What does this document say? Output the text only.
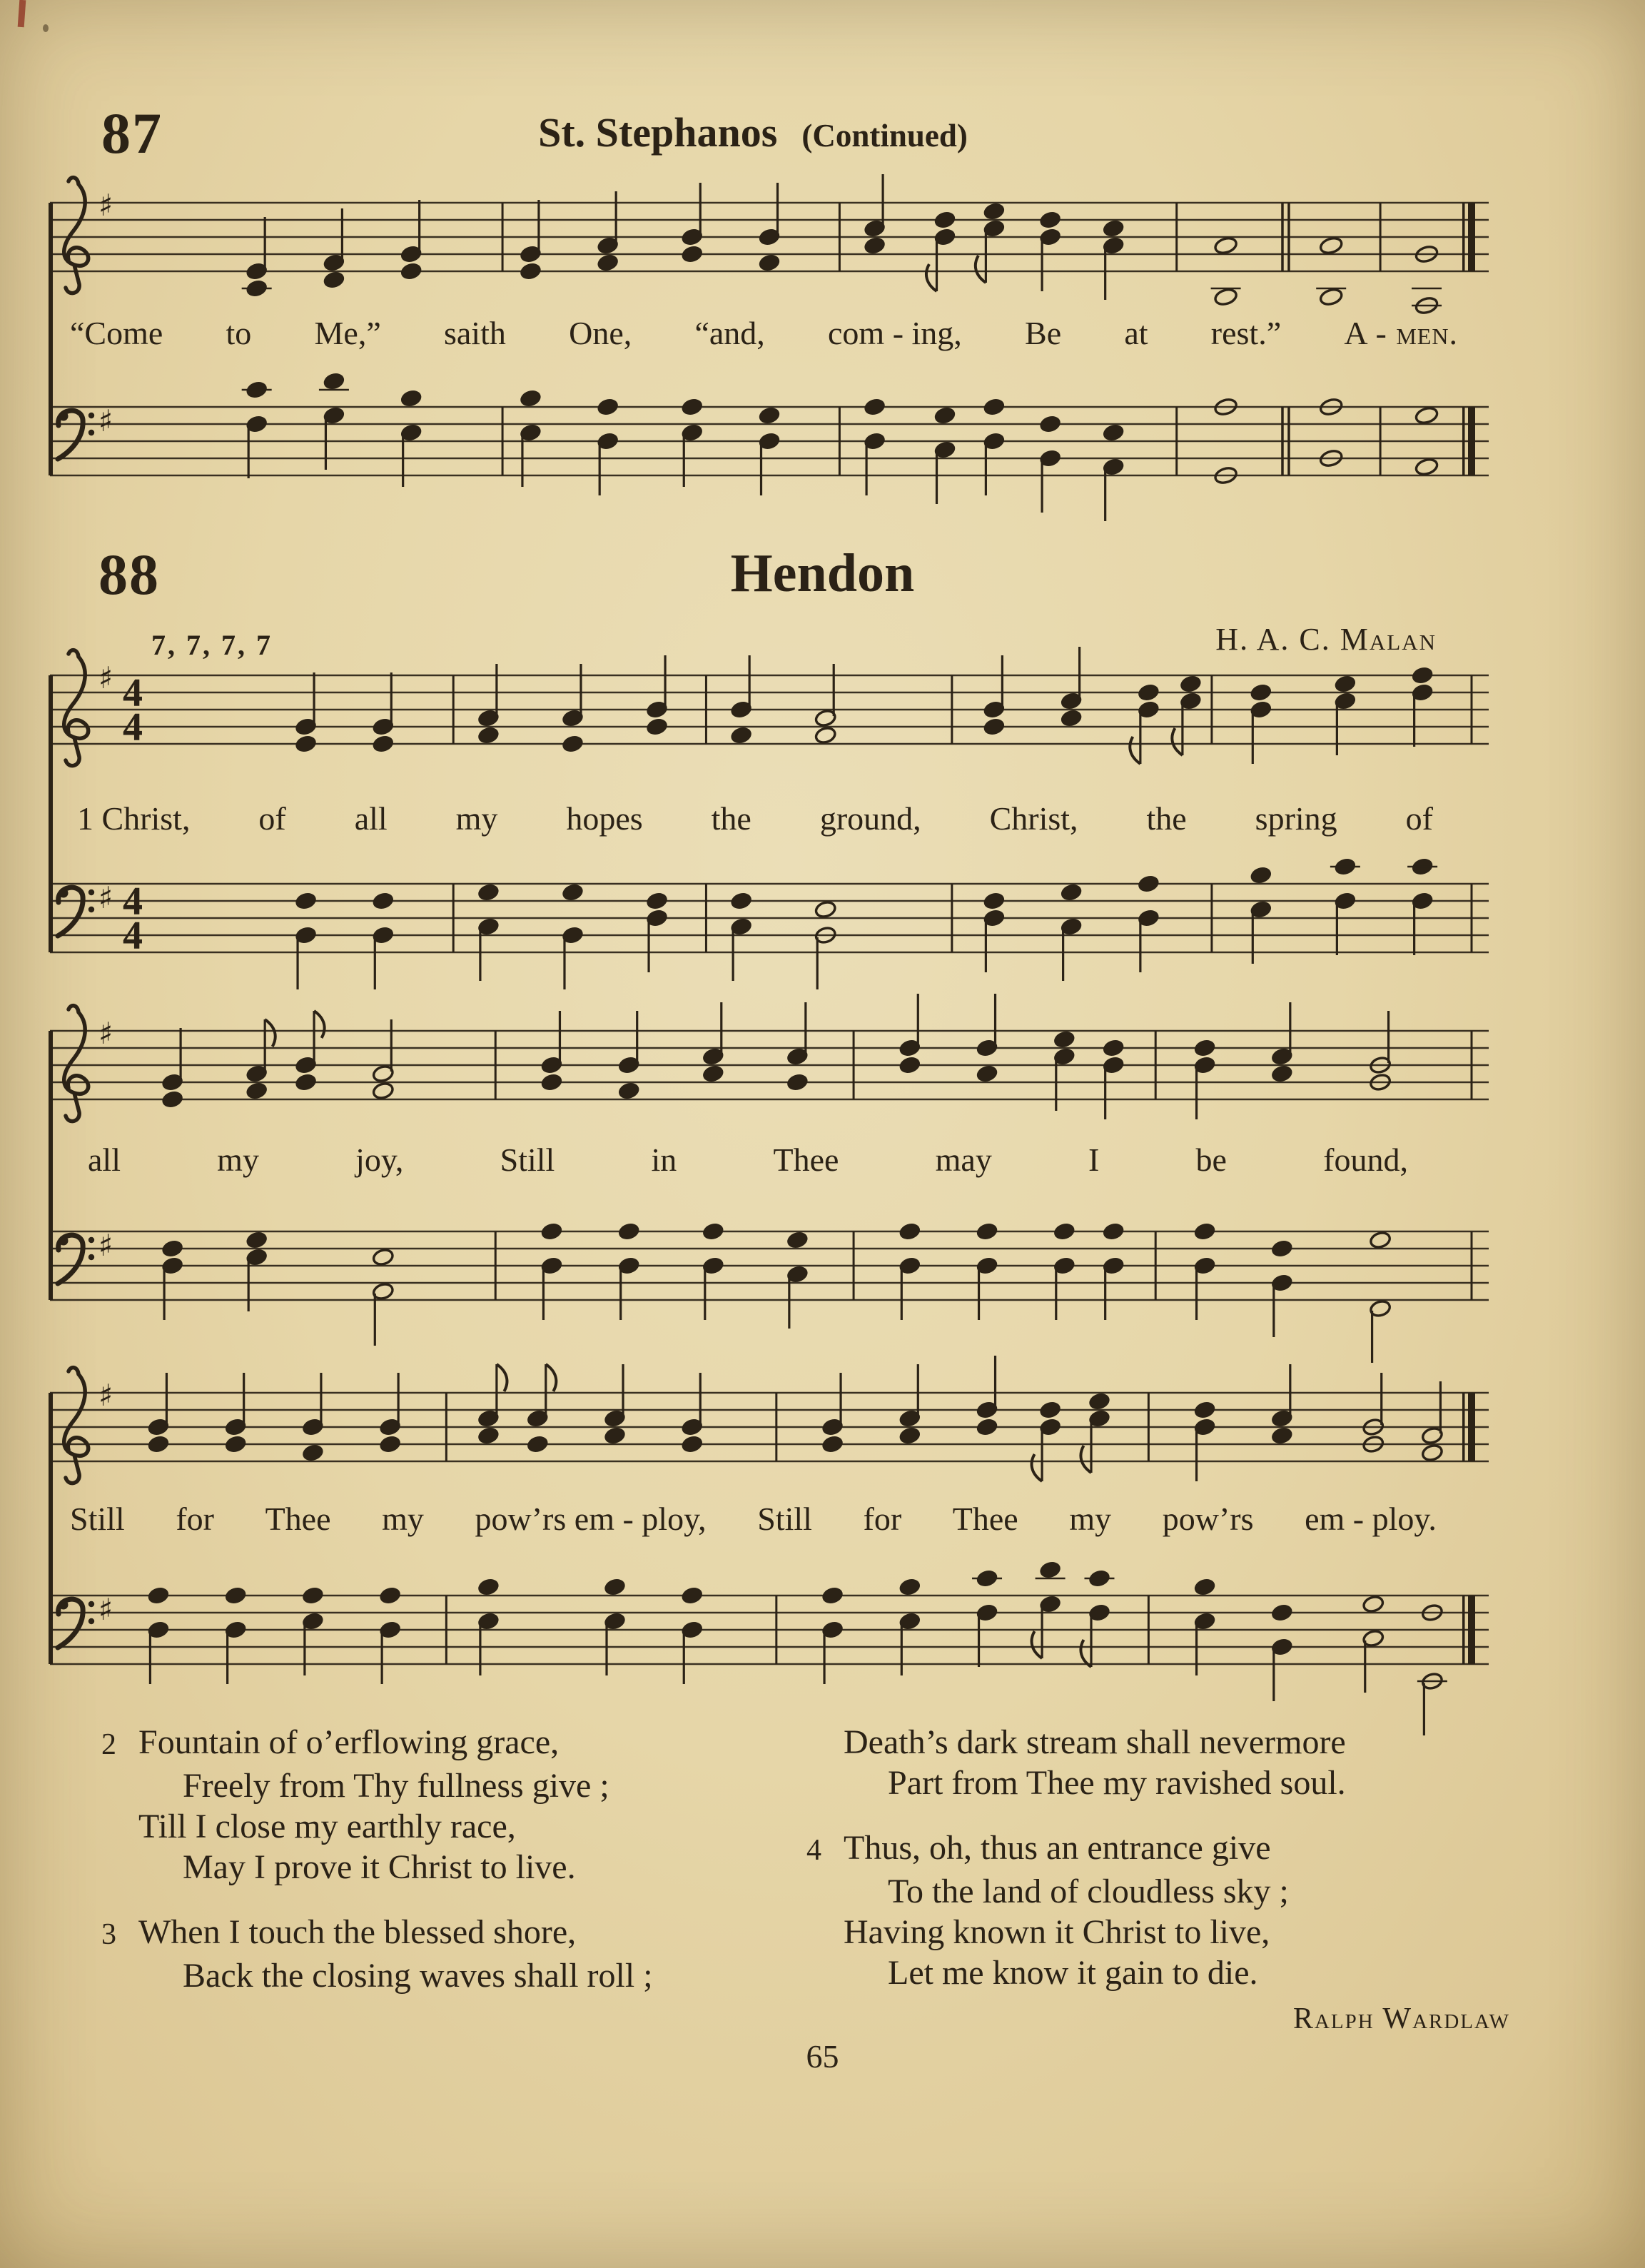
87	St. Stephanos (Continued)
♯
“Come to Me,” saith One, “and, com - ing, Be at rest.” A - men.
♯
88	Hendon
7, 7, 7, 7	H. A. C. Malan
♯ 4
4
1 Christ, of all my hopes the ground, Christ, the spring of
♯ 4
4
♯
all	my	joy,	Still	in	Thee	may	I	be	found,
♯
♯
Still for Thee my pow’rs em - ploy, Still for Thee my pow’rs em - ploy.
♯
2 Fountain of o’erflowing grace,
Freely from Thy fullness give ;
Till I close my earthly race,
May I prove it Christ to live.
3 When I touch the blessed shore,
Back the closing waves shall roll ;
Death’s dark stream shall nevermore
Part from Thee my ravished soul.
4 Thus, oh, thus an entrance give
To the land of cloudless sky ;
Having known it Christ to live,
Let me know it gain to die.
Ralph Wardlaw
65
